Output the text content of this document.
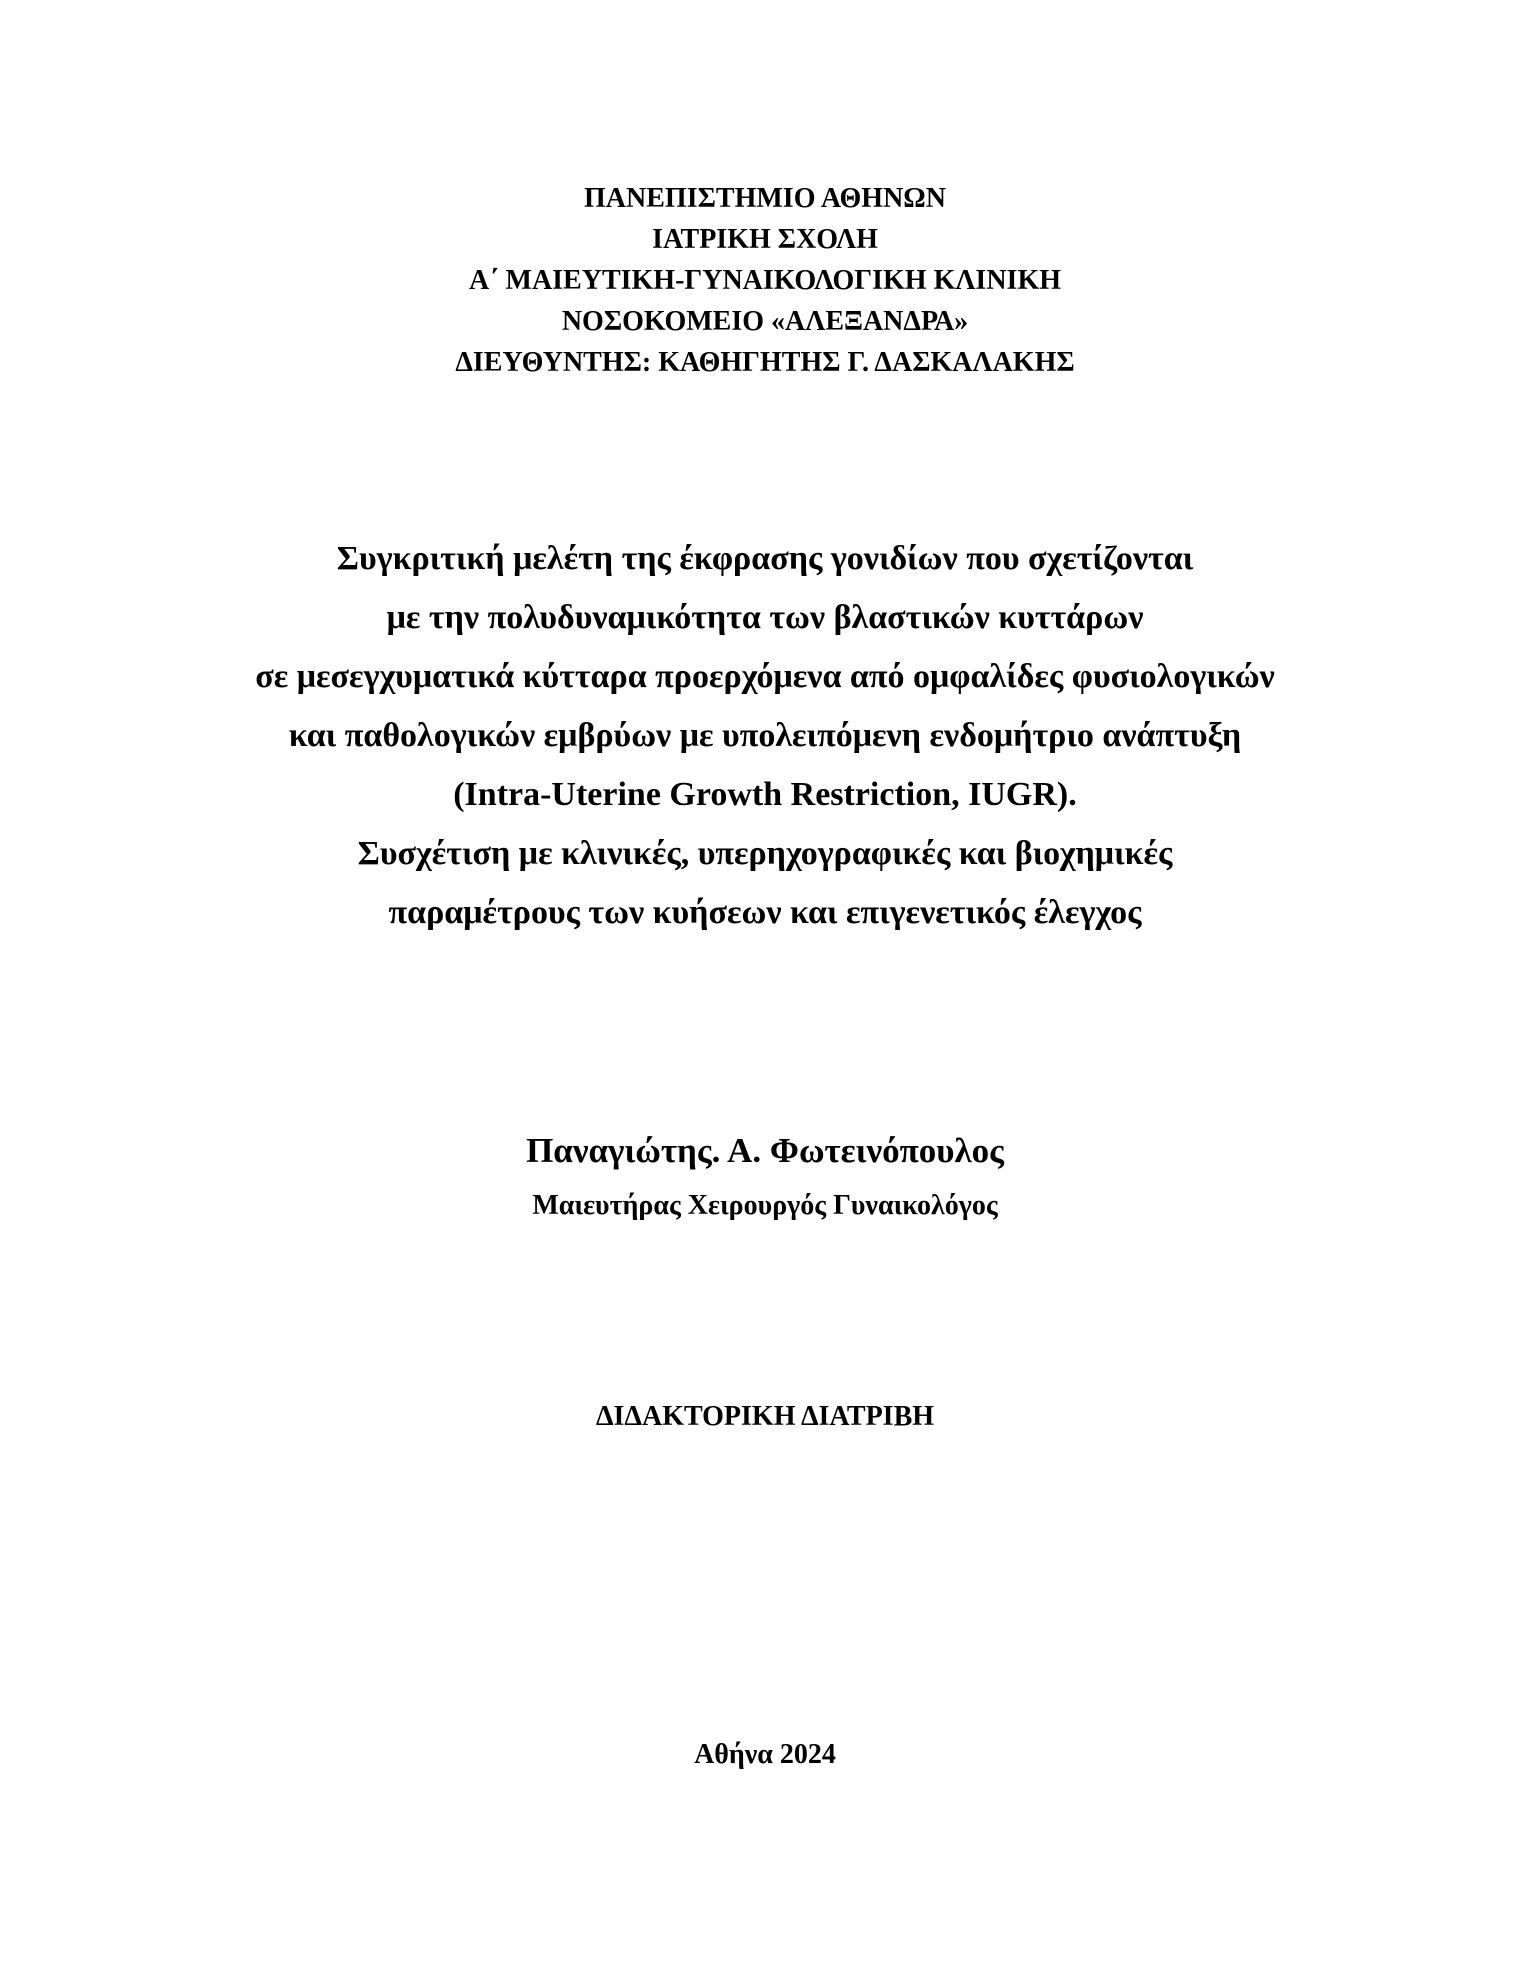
ΠΑΝΕΠΙΣΤΗΜΙΟ ΑΘΗΝΩΝ
ΙΑΤΡΙΚΗ ΣΧΟΛΗ
Α΄ ΜΑΙΕΥΤΙΚΗ-ΓΥΝΑΙΚΟΛΟΓΙΚΗ ΚΛΙΝΙΚΗ
ΝΟΣΟΚΟΜΕΙΟ «ΑΛΕΞΑΝΔΡΑ»
ΔΙΕΥΘΥΝΤΗΣ: ΚΑΘΗΓΗΤΗΣ Γ. ΔΑΣΚΑΛΑΚΗΣ
Συγκριτική μελέτη της έκφρασης γονιδίων που σχετίζονται
με την πολυδυναμικότητα των βλαστικών κυττάρων
σε μεσεγχυματικά κύτταρα προερχόμενα από ομφαλίδες φυσιολογικών
και παθολογικών εμβρύων με υπολειπόμενη ενδομήτριο ανάπτυξη
(Intra-Uterine Growth Restriction, IUGR).
Συσχέτιση με κλινικές, υπερηχογραφικές και βιοχημικές
παραμέτρους των κυήσεων και επιγενετικός έλεγχος
Παναγιώτης. Α. Φωτεινόπουλος
Μαιευτήρας Χειρουργός Γυναικολόγος
ΔΙΔΑΚΤΟΡΙΚΗ ΔΙΑΤΡΙΒΗ
Αθήνα 2024
